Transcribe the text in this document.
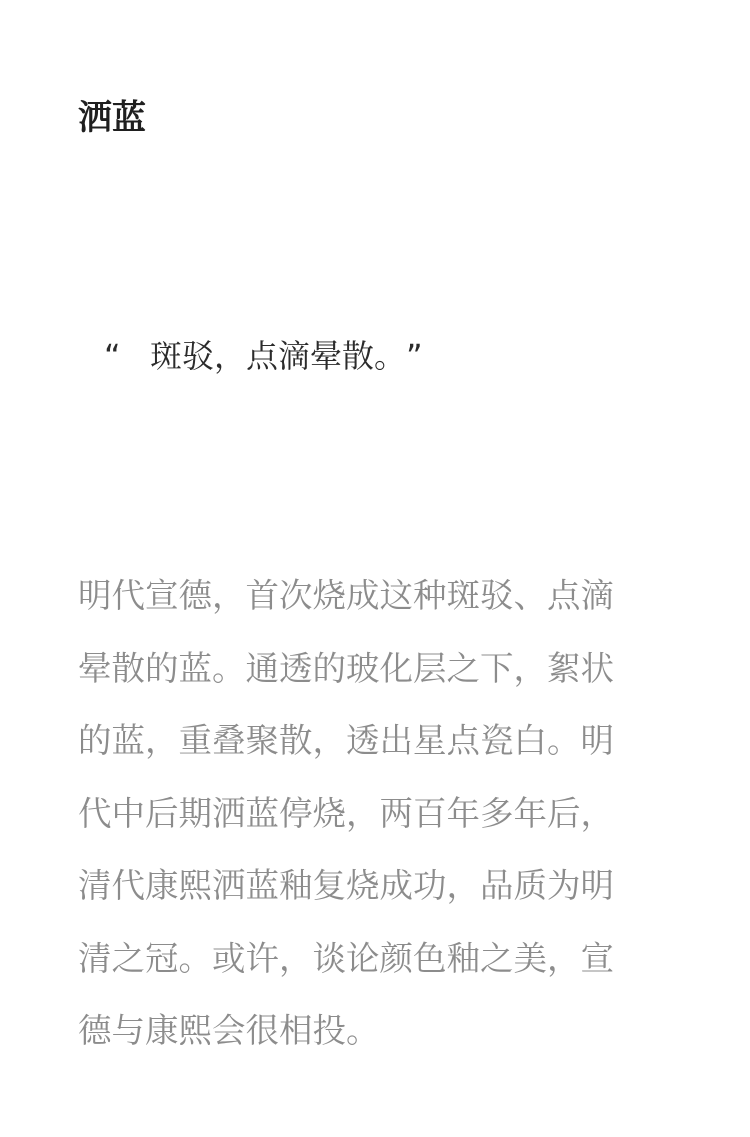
洒蓝
“ 斑驳，点滴晕散。”
明代宣德，首次烧成这种斑驳、点滴
晕散的蓝。通透的玻化层之下，絮状
的蓝，重叠聚散，透出星点瓷白。明
代中后期洒蓝停烧，两百年多年后，
清代康熙洒蓝釉复烧成功，品质为明
清之冠。或许，谈论颜色釉之美，宣
德与康熙会很相投。
